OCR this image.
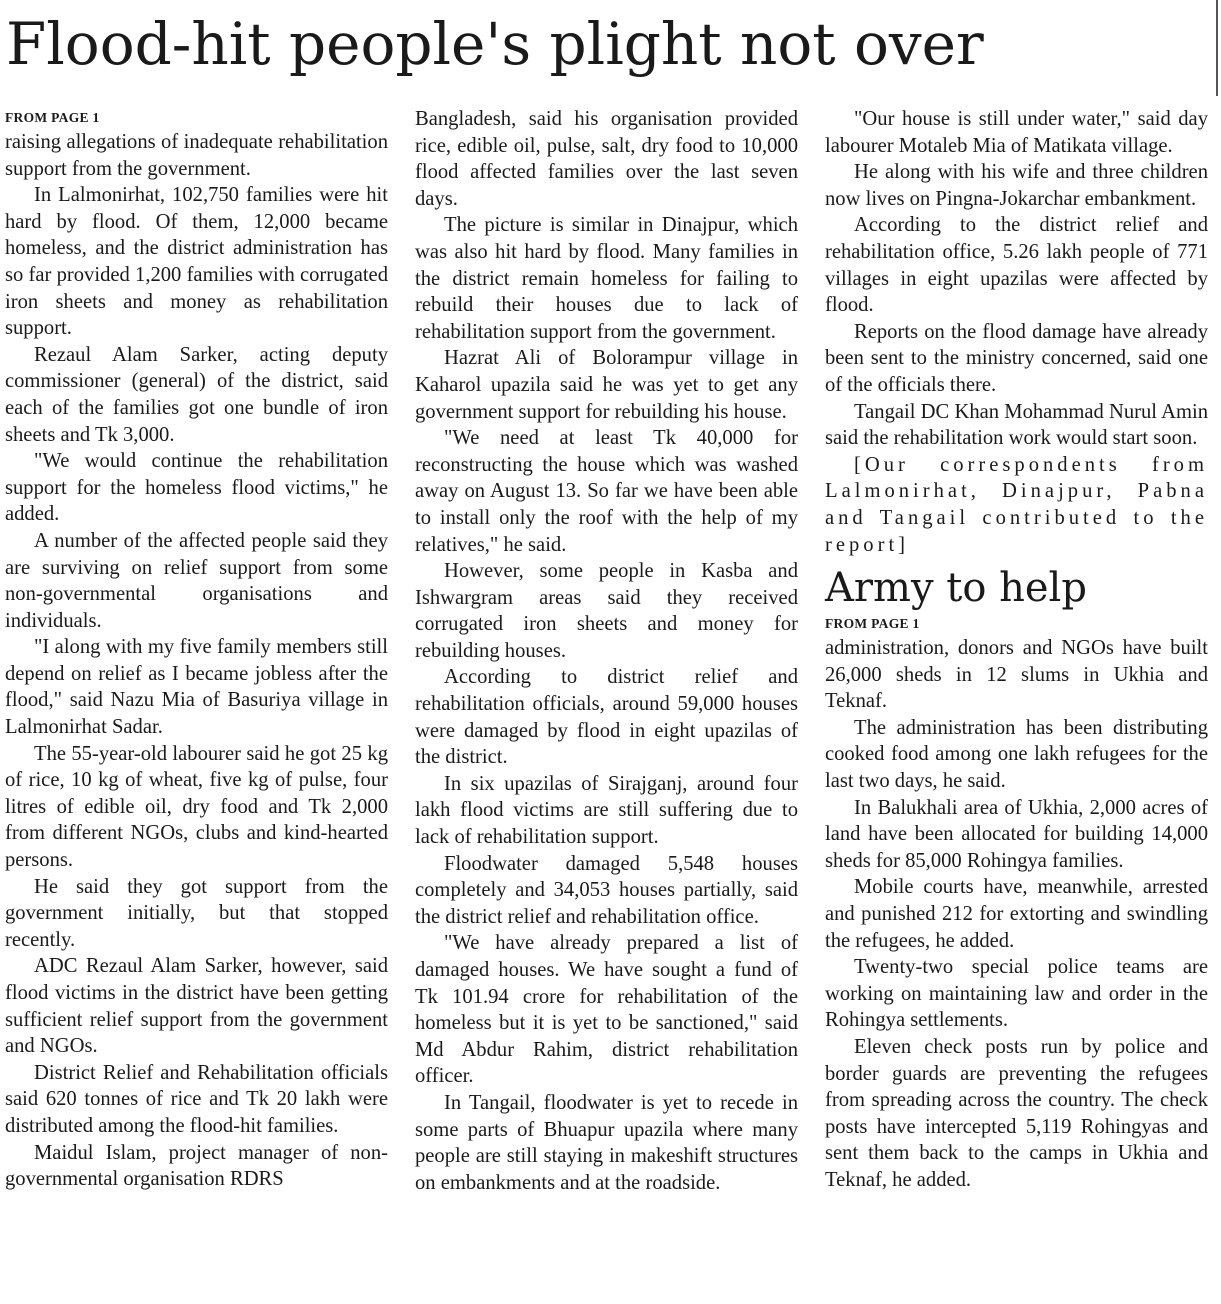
Flood-hit people's plight not over
FROM PAGE 1

raising allegations of inadequate rehabilitation support from the government.

In Lalmonirhat, 102,750 families were hit hard by flood. Of them, 12,000 became homeless, and the district administration has so far provided 1,200 families with corrugated iron sheets and money as rehabilitation support.

Rezaul Alam Sarker, acting deputy commissioner (general) of the district, said each of the families got one bundle of iron sheets and Tk 3,000.

"We would continue the rehabilitation support for the homeless flood victims," he added.

A number of the affected people said they are surviving on relief support from some non-governmental organisations and individuals.

"I along with my five family members still depend on relief as I became jobless after the flood," said Nazu Mia of Basuriya village in Lalmonirhat Sadar.

The 55-year-old labourer said he got 25 kg of rice, 10 kg of wheat, five kg of pulse, four litres of edible oil, dry food and Tk 2,000 from different NGOs, clubs and kind-hearted persons.

He said they got support from the government initially, but that stopped recently.

ADC Rezaul Alam Sarker, however, said flood victims in the district have been getting sufficient relief support from the government and NGOs.

District Relief and Rehabilitation officials said 620 tonnes of rice and Tk 20 lakh were distributed among the flood-hit families.

Maidul Islam, project manager of non-governmental organisation RDRS

Bangladesh, said his organisation provided rice, edible oil, pulse, salt, dry food to 10,000 flood affected families over the last seven days.

The picture is similar in Dinajpur, which was also hit hard by flood. Many families in the district remain homeless for failing to rebuild their houses due to lack of rehabilitation support from the government.

Hazrat Ali of Bolorampur village in Kaharol upazila said he was yet to get any government support for rebuilding his house.

"We need at least Tk 40,000 for reconstructing the house which was washed away on August 13. So far we have been able to install only the roof with the help of my relatives," he said.

However, some people in Kasba and Ishwargram areas said they received corrugated iron sheets and money for rebuilding houses.

According to district relief and rehabilitation officials, around 59,000 houses were damaged by flood in eight upazilas of the district.

In six upazilas of Sirajganj, around four lakh flood victims are still suffering due to lack of rehabilitation support.

Floodwater damaged 5,548 houses completely and 34,053 houses partially, said the district relief and rehabilitation office.

"We have already prepared a list of damaged houses. We have sought a fund of Tk 101.94 crore for rehabilitation of the homeless but it is yet to be sanctioned," said Md Abdur Rahim, district rehabilitation officer.

In Tangail, floodwater is yet to recede in some parts of Bhuapur upazila where many people are still staying in makeshift structures on embankments and at the roadside.

"Our house is still under water," said day labourer Motaleb Mia of Matikata village.

He along with his wife and three children now lives on Pingna-Jokarchar embankment.

According to the district relief and rehabilitation office, 5.26 lakh people of 771 villages in eight upazilas were affected by flood.

Reports on the flood damage have already been sent to the ministry concerned, said one of the officials there.

Tangail DC Khan Mohammad Nurul Amin said the rehabilitation work would start soon.

[Our correspondents from Lalmonirhat, Dinajpur, Pabna and Tangail contributed to the report]

Army to help
FROM PAGE 1

administration, donors and NGOs have built 26,000 sheds in 12 slums in Ukhia and Teknaf.

The administration has been distributing cooked food among one lakh refugees for the last two days, he said.

In Balukhali area of Ukhia, 2,000 acres of land have been allocated for building 14,000 sheds for 85,000 Rohingya families.

Mobile courts have, meanwhile, arrested and punished 212 for extorting and swindling the refugees, he added.

Twenty-two special police teams are working on maintaining law and order in the Rohingya settlements.

Eleven check posts run by police and border guards are preventing the refugees from spreading across the country. The check posts have intercepted 5,119 Rohingyas and sent them back to the camps in Ukhia and Teknaf, he added.
